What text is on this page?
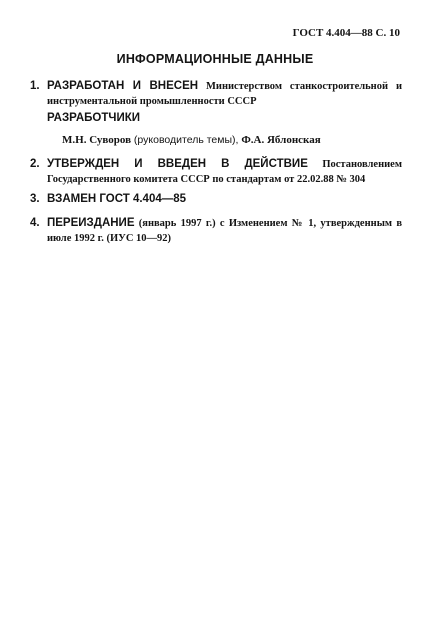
ГОСТ 4.404—88 С. 10
ИНФОРМАЦИОННЫЕ ДАННЫЕ
1. РАЗРАБОТАН И ВНЕСЕН Министерством станкостроительной и инструментальной промышленности СССР
РАЗРАБОТЧИКИ
М.Н. Суворов (руководитель темы), Ф.А. Яблонская
2. УТВЕРЖДЕН И ВВЕДЕН В ДЕЙСТВИЕ Постановлением Государственного комитета СССР по стандартам от 22.02.88 № 304
3. ВЗАМЕН ГОСТ 4.404—85
4. ПЕРЕИЗДАНИЕ (январь 1997 г.) с Изменением № 1, утвержденным в июле 1992 г. (ИУС 10—92)
